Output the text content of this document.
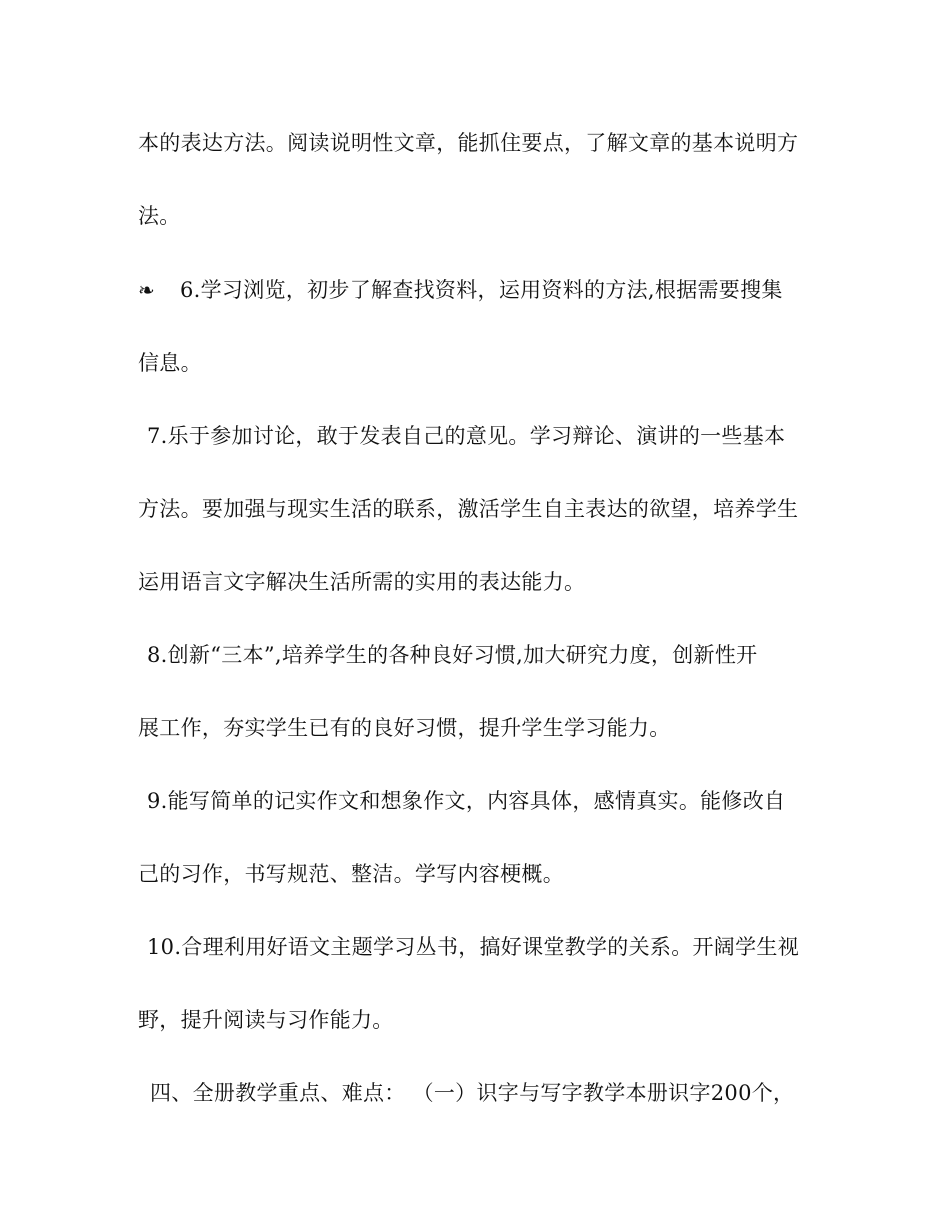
本的表达方法。阅读说明性文章，能抓住要点，了解文章的基本说明方
法。
❧ 6.学习浏览，初步了解查找资料，运用资料的方法,根据需要搜集
信息。
7.乐于参加讨论，敢于发表自己的意见。学习辩论、演讲的一些基本
方法。要加强与现实生活的联系，激活学生自主表达的欲望，培养学生
运用语言文字解决生活所需的实用的表达能力。
8.创新“三本”,培养学生的各种良好习惯,加大研究力度，创新性开
展工作，夯实学生已有的良好习惯，提升学生学习能力。
9.能写简单的记实作文和想象作文，内容具体，感情真实。能修改自
己的习作，书写规范、整洁。学写内容梗概。
10.合理利用好语文主题学习丛书，搞好课堂教学的关系。开阔学生视
野，提升阅读与习作能力。
四、全册教学重点、难点： （一）识字与写字教学本册识字200个，
